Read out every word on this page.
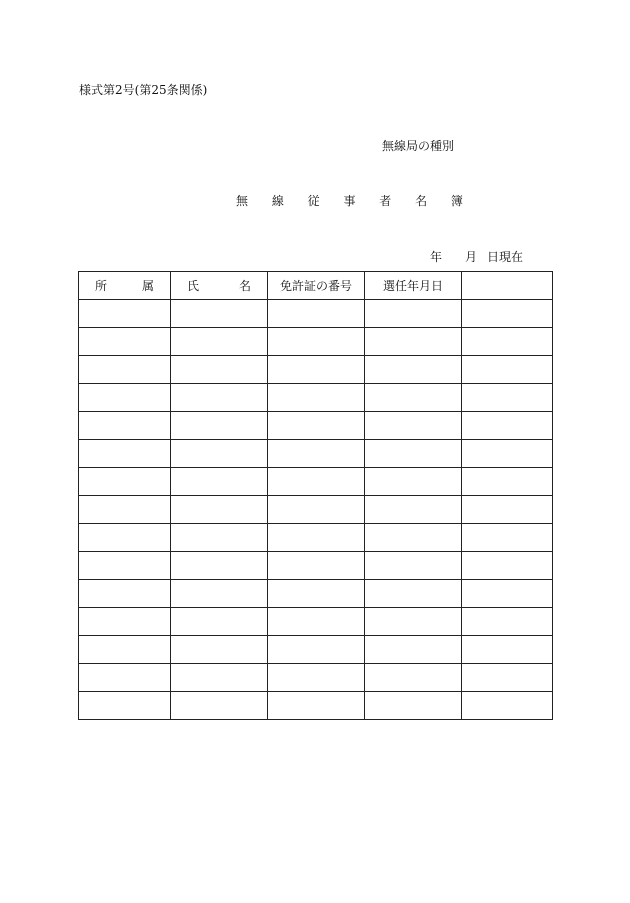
様式第2号(第25条関係)
無線局の種別
無 線 従 事 者 名 簿
年 月 日現在
所 属	氏 名	免許証の番号	選任年月日	
